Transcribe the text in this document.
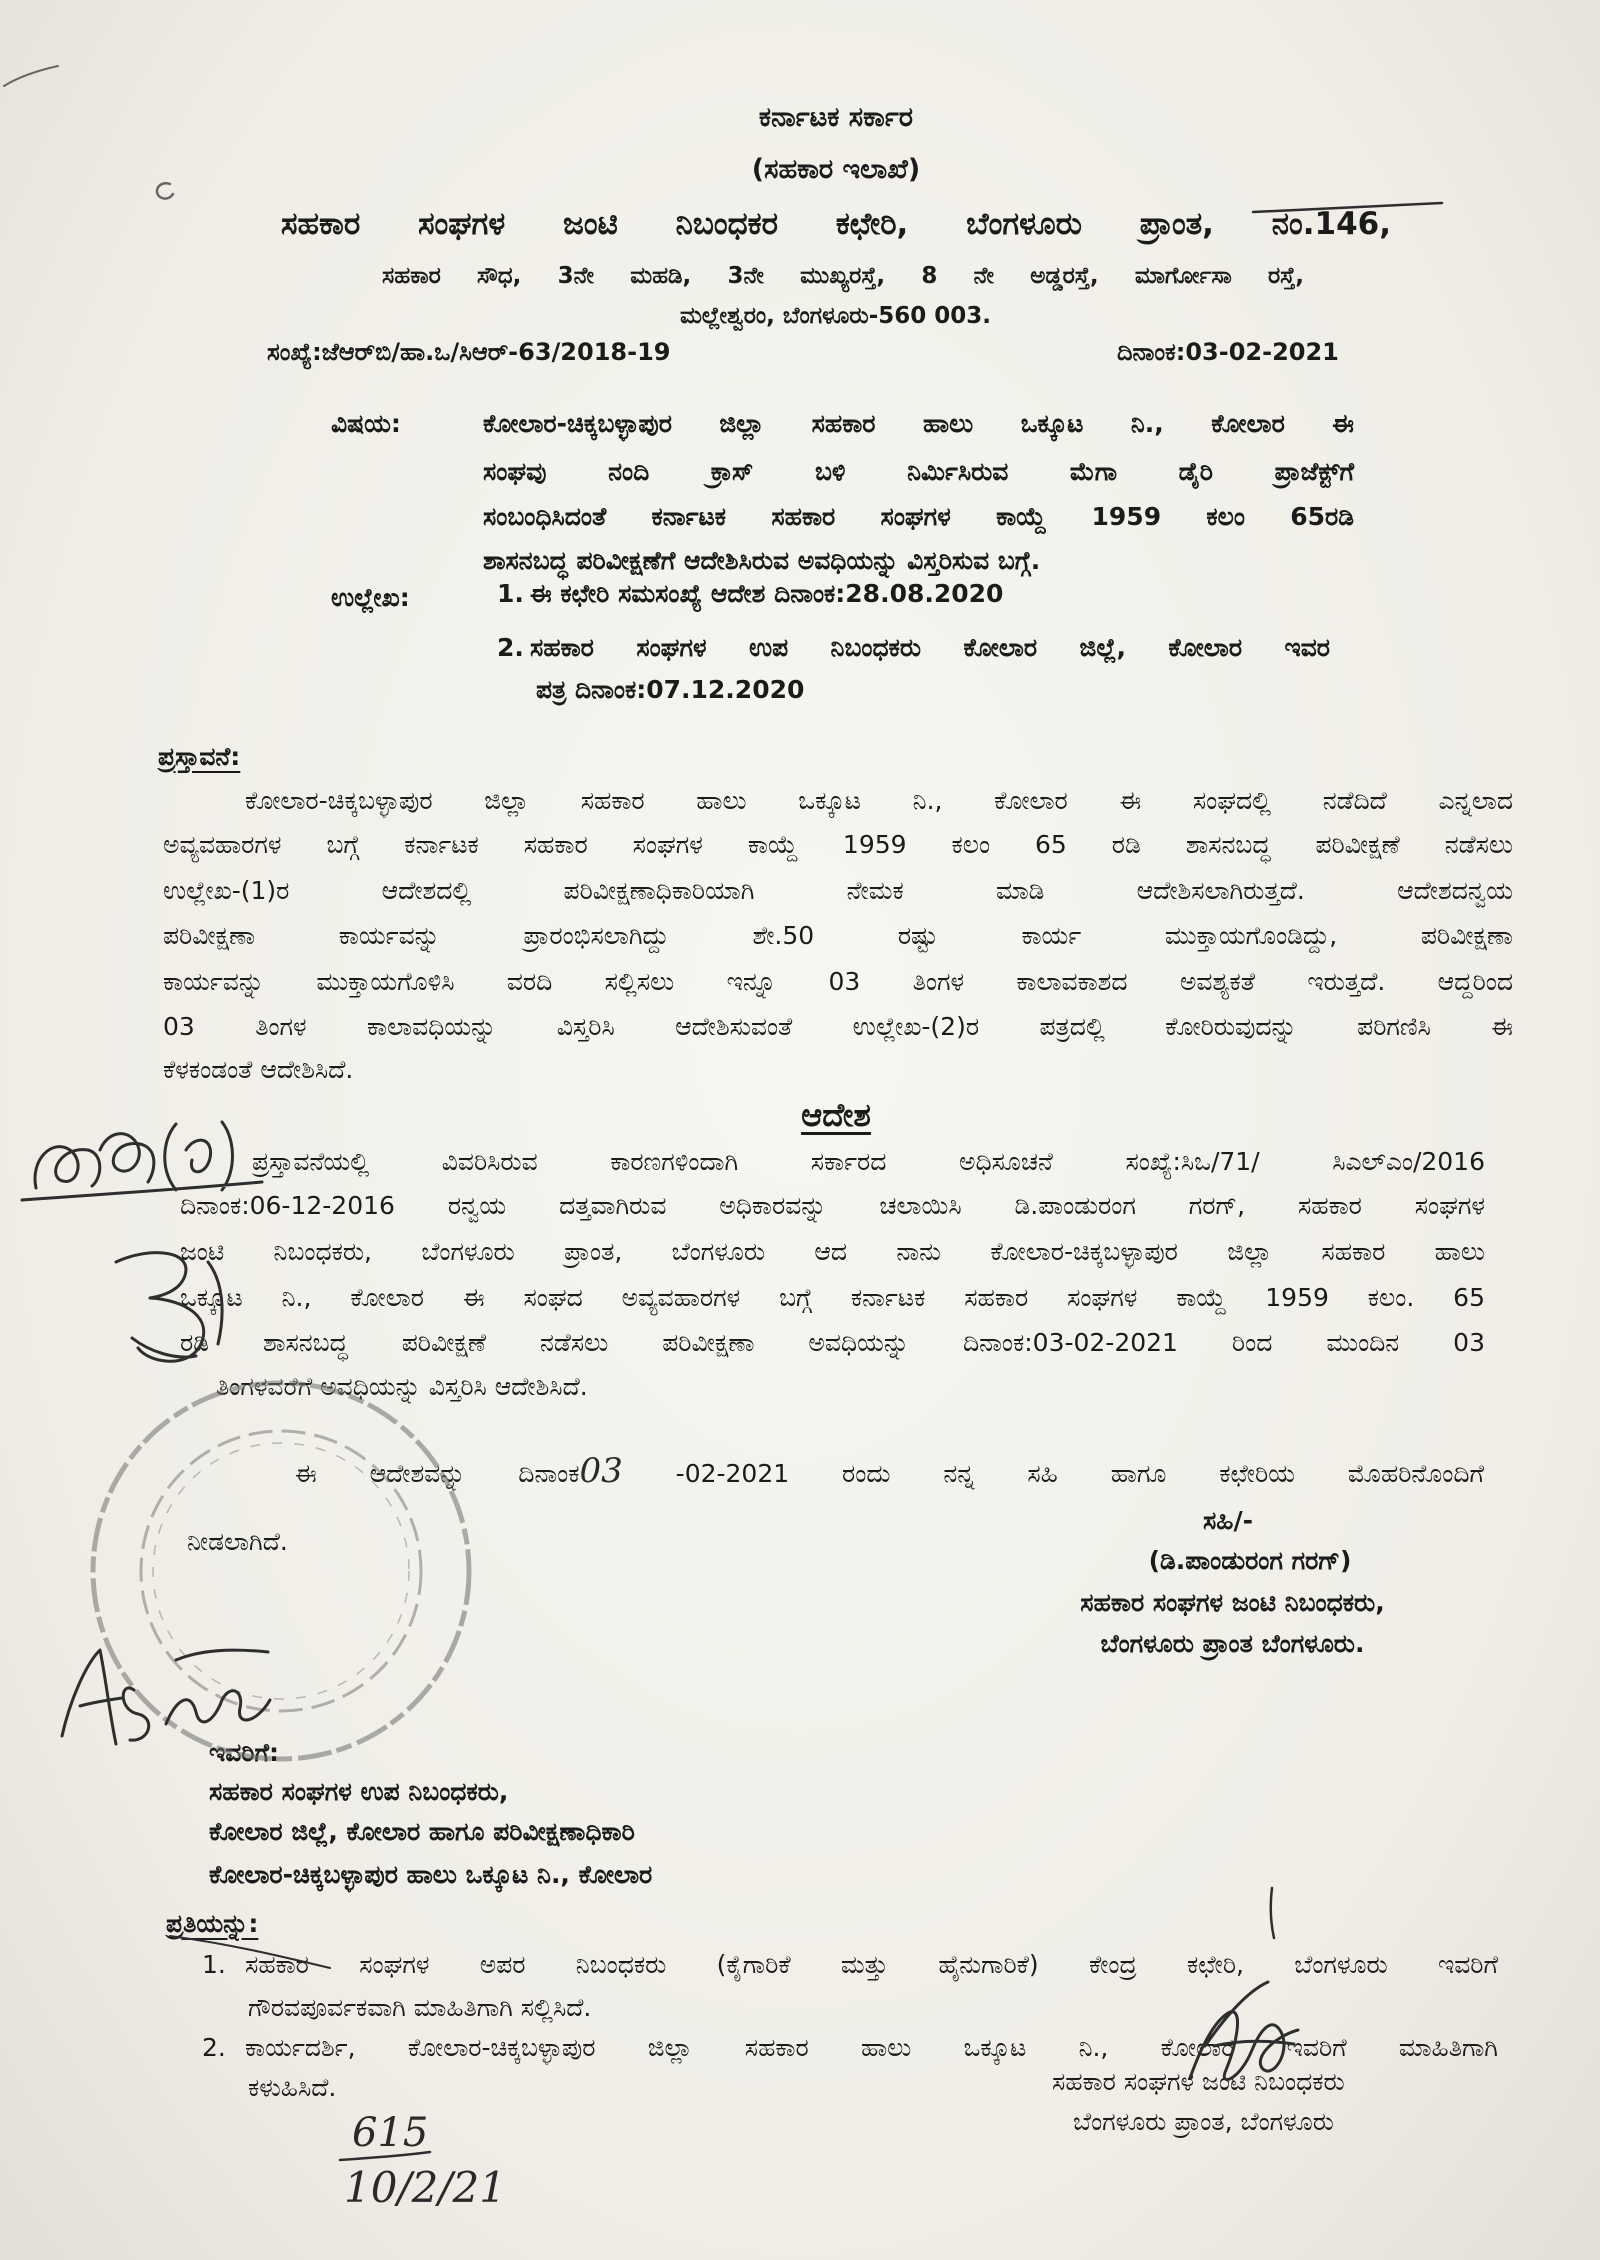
ಕರ್ನಾಟಕ ಸರ್ಕಾರ
(ಸಹಕಾರ ಇಲಾಖೆ)
ಸಹಕಾರ ಸಂಘಗಳ ಜಂಟಿ ನಿಬಂಧಕರ ಕಛೇರಿ, ಬೆಂಗಳೂರು ಪ್ರಾಂತ, ನಂ.146,
ಸಹಕಾರ ಸೌಧ, 3ನೇ ಮಹಡಿ, 3ನೇ ಮುಖ್ಯರಸ್ತೆ, 8 ನೇ ಅಡ್ಡರಸ್ತೆ, ಮಾರ್ಗೋಸಾ ರಸ್ತೆ,
ಮಲ್ಲೇಶ್ವರಂ, ಬೆಂಗಳೂರು-560 003.
ಸಂಖ್ಯೆ:ಜೆಆರ್‌ಬಿ/ಹಾ.ಒ/ಸಿಆರ್-63/2018-19	ದಿನಾಂಕ:03-02-2021
ವಿಷಯ:	ಕೋಲಾರ-ಚಿಕ್ಕಬಳ್ಳಾಪುರ ಜಿಲ್ಲಾ ಸಹಕಾರ ಹಾಲು ಒಕ್ಕೂಟ ನಿ., ಕೋಲಾರ ಈ
ಸಂಘವು ನಂದಿ ಕ್ರಾಸ್ ಬಳಿ ನಿರ್ಮಿಸಿರುವ ಮೆಗಾ ಡೈರಿ ಪ್ರಾಜೆಕ್ಟ್‌ಗೆ
ಸಂಬಂಧಿಸಿದಂತೆ ಕರ್ನಾಟಕ ಸಹಕಾರ ಸಂಘಗಳ ಕಾಯ್ದೆ 1959 ಕಲಂ 65ರಡಿ
ಶಾಸನಬದ್ಧ ಪರಿವೀಕ್ಷಣೆಗೆ ಆದೇಶಿಸಿರುವ ಅವಧಿಯನ್ನು ವಿಸ್ತರಿಸುವ ಬಗ್ಗೆ.
ಉಲ್ಲೇಖ:	1. ಈ ಕಛೇರಿ ಸಮಸಂಖ್ಯೆ ಆದೇಶ ದಿನಾಂಕ:28.08.2020
2. ಸಹಕಾರ ಸಂಘಗಳ ಉಪ ನಿಬಂಧಕರು ಕೋಲಾರ ಜಿಲ್ಲೆ, ಕೋಲಾರ ಇವರ
ಪತ್ರ ದಿನಾಂಕ:07.12.2020
ಪ್ರಸ್ತಾವನೆ:
ಕೋಲಾರ-ಚಿಕ್ಕಬಳ್ಳಾಪುರ ಜಿಲ್ಲಾ ಸಹಕಾರ ಹಾಲು ಒಕ್ಕೂಟ ನಿ., ಕೋಲಾರ ಈ ಸಂಘದಲ್ಲಿ ನಡೆದಿದೆ ಎನ್ನಲಾದ
ಅವ್ಯವಹಾರಗಳ ಬಗ್ಗೆ ಕರ್ನಾಟಕ ಸಹಕಾರ ಸಂಘಗಳ ಕಾಯ್ದೆ 1959 ಕಲಂ 65 ರಡಿ ಶಾಸನಬದ್ಧ ಪರಿವೀಕ್ಷಣೆ ನಡೆಸಲು
ಉಲ್ಲೇಖ-(1)ರ ಆದೇಶದಲ್ಲಿ ಪರಿವೀಕ್ಷಣಾಧಿಕಾರಿಯಾಗಿ ನೇಮಕ ಮಾಡಿ ಆದೇಶಿಸಲಾಗಿರುತ್ತದೆ. ಆದೇಶದನ್ವಯ
ಪರಿವೀಕ್ಷಣಾ ಕಾರ್ಯವನ್ನು ಪ್ರಾರಂಭಿಸಲಾಗಿದ್ದು ಶೇ.50 ರಷ್ಟು ಕಾರ್ಯ ಮುಕ್ತಾಯಗೊಂಡಿದ್ದು, ಪರಿವೀಕ್ಷಣಾ
ಕಾರ್ಯವನ್ನು ಮುಕ್ತಾಯಗೊಳಿಸಿ ವರದಿ ಸಲ್ಲಿಸಲು ಇನ್ನೂ 03 ತಿಂಗಳ ಕಾಲಾವಕಾಶದ ಅವಶ್ಯಕತೆ ಇರುತ್ತದೆ. ಆದ್ದರಿಂದ
03 ತಿಂಗಳ ಕಾಲಾವಧಿಯನ್ನು ವಿಸ್ತರಿಸಿ ಆದೇಶಿಸುವಂತೆ ಉಲ್ಲೇಖ-(2)ರ ಪತ್ರದಲ್ಲಿ ಕೋರಿರುವುದನ್ನು ಪರಿಗಣಿಸಿ ಈ
ಕೆಳಕಂಡಂತೆ ಆದೇಶಿಸಿದೆ.
ಆದೇಶ
ಪ್ರಸ್ತಾವನೆಯಲ್ಲಿ ವಿವರಿಸಿರುವ ಕಾರಣಗಳಿಂದಾಗಿ ಸರ್ಕಾರದ ಅಧಿಸೂಚನೆ ಸಂಖ್ಯೆ:ಸಿಒ/71/ ಸಿಎಲ್‌ಎಂ/2016
ದಿನಾಂಕ:06-12-2016 ರನ್ವಯ ದತ್ತವಾಗಿರುವ ಅಧಿಕಾರವನ್ನು ಚಲಾಯಿಸಿ ಡಿ.ಪಾಂಡುರಂಗ ಗರಗ್, ಸಹಕಾರ ಸಂಘಗಳ
ಜಂಟಿ ನಿಬಂಧಕರು, ಬೆಂಗಳೂರು ಪ್ರಾಂತ, ಬೆಂಗಳೂರು ಆದ ನಾನು ಕೋಲಾರ-ಚಿಕ್ಕಬಳ್ಳಾಪುರ ಜಿಲ್ಲಾ ಸಹಕಾರ ಹಾಲು
ಒಕ್ಕೂಟ ನಿ., ಕೋಲಾರ ಈ ಸಂಘದ ಅವ್ಯವಹಾರಗಳ ಬಗ್ಗೆ ಕರ್ನಾಟಕ ಸಹಕಾರ ಸಂಘಗಳ ಕಾಯ್ದೆ 1959 ಕಲಂ. 65
ರಡಿ ಶಾಸನಬದ್ಧ ಪರಿವೀಕ್ಷಣೆ ನಡೆಸಲು ಪರಿವೀಕ್ಷಣಾ ಅವಧಿಯನ್ನು ದಿನಾಂಕ:03-02-2021 ರಿಂದ ಮುಂದಿನ 03
ತಿಂಗಳವರೆಗೆ ಅವಧಿಯನ್ನು ವಿಸ್ತರಿಸಿ ಆದೇಶಿಸಿದೆ.
ಈ ಆದೇಶವನ್ನು ದಿನಾಂಕ03 -02-2021 ರಂದು ನನ್ನ ಸಹಿ ಹಾಗೂ ಕಛೇರಿಯ ಮೊಹರಿನೊಂದಿಗೆ
ನೀಡಲಾಗಿದೆ.
ಸಹಿ/-
(ಡಿ.ಪಾಂಡುರಂಗ ಗರಗ್)
ಸಹಕಾರ ಸಂಘಗಳ ಜಂಟಿ ನಿಬಂಧಕರು,
ಬೆಂಗಳೂರು ಪ್ರಾಂತ ಬೆಂಗಳೂರು.
ಇವರಿಗೆ:
ಸಹಕಾರ ಸಂಘಗಳ ಉಪ ನಿಬಂಧಕರು,
ಕೋಲಾರ ಜಿಲ್ಲೆ, ಕೋಲಾರ ಹಾಗೂ ಪರಿವೀಕ್ಷಣಾಧಿಕಾರಿ
ಕೋಲಾರ-ಚಿಕ್ಕಬಳ್ಳಾಪುರ ಹಾಲು ಒಕ್ಕೂಟ ನಿ., ಕೋಲಾರ
ಪ್ರತಿಯನ್ನು:
1. ಸಹಕಾರ ಸಂಘಗಳ ಅಪರ ನಿಬಂಧಕರು (ಕೈಗಾರಿಕೆ ಮತ್ತು ಹೈನುಗಾರಿಕೆ) ಕೇಂದ್ರ ಕಛೇರಿ, ಬೆಂಗಳೂರು ಇವರಿಗೆ
ಗೌರವಪೂರ್ವಕವಾಗಿ ಮಾಹಿತಿಗಾಗಿ ಸಲ್ಲಿಸಿದೆ.
2. ಕಾರ್ಯದರ್ಶಿ, ಕೋಲಾರ-ಚಿಕ್ಕಬಳ್ಳಾಪುರ ಜಿಲ್ಲಾ ಸಹಕಾರ ಹಾಲು ಒಕ್ಕೂಟ ನಿ., ಕೋಲಾರ ಇವರಿಗೆ ಮಾಹಿತಿಗಾಗಿ
ಕಳುಹಿಸಿದೆ.	ಸಹಕಾರ ಸಂಘಗಳ ಜಂಟಿ ನಿಬಂಧಕರು
ಬೆಂಗಳೂರು ಪ್ರಾಂತ, ಬೆಂಗಳೂರು
615
10/2/21
